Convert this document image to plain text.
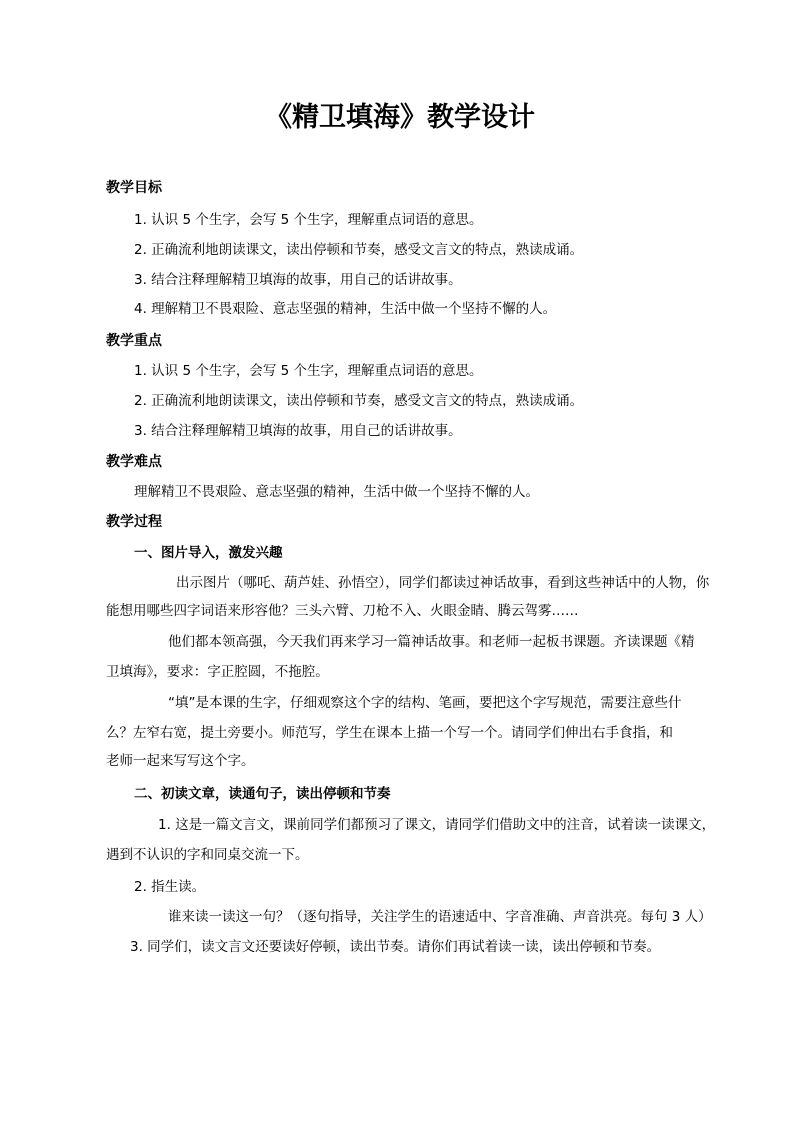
《精卫填海》教学设计
教学目标
1. 认识 5 个生字，会写 5 个生字，理解重点词语的意思。
2. 正确流利地朗读课文，读出停顿和节奏，感受文言文的特点，熟读成诵。
3. 结合注释理解精卫填海的故事，用自己的话讲故事。
4. 理解精卫不畏艰险、意志坚强的精神，生活中做一个坚持不懈的人。
教学重点
1. 认识 5 个生字，会写 5 个生字，理解重点词语的意思。
2. 正确流利地朗读课文，读出停顿和节奏，感受文言文的特点，熟读成诵。
3. 结合注释理解精卫填海的故事，用自己的话讲故事。
教学难点
理解精卫不畏艰险、意志坚强的精神，生活中做一个坚持不懈的人。
教学过程
一、图片导入，激发兴趣
出示图片（哪吒、葫芦娃、孙悟空），同学们都读过神话故事，看到这些神话中的人物，你
能想用哪些四字词语来形容他？三头六臂、刀枪不入、火眼金睛、腾云驾雾……
他们都本领高强，今天我们再来学习一篇神话故事。和老师一起板书课题。齐读课题《精
卫填海》，要求：字正腔圆，不拖腔。
“填”是本课的生字，仔细观察这个字的结构、笔画，要把这个字写规范，需要注意些什
么？左窄右宽，提土旁要小。师范写，学生在课本上描一个写一个。请同学们伸出右手食指，和
老师一起来写写这个字。
二、初读文章，读通句子，读出停顿和节奏
1. 这是一篇文言文，课前同学们都预习了课文，请同学们借助文中的注音，试着读一读课文，
遇到不认识的字和同桌交流一下。
2. 指生读。
谁来读一读这一句？（逐句指导，关注学生的语速适中、字音准确、声音洪亮。每句 3 人）
3. 同学们，读文言文还要读好停顿，读出节奏。请你们再试着读一读，读出停顿和节奏。
